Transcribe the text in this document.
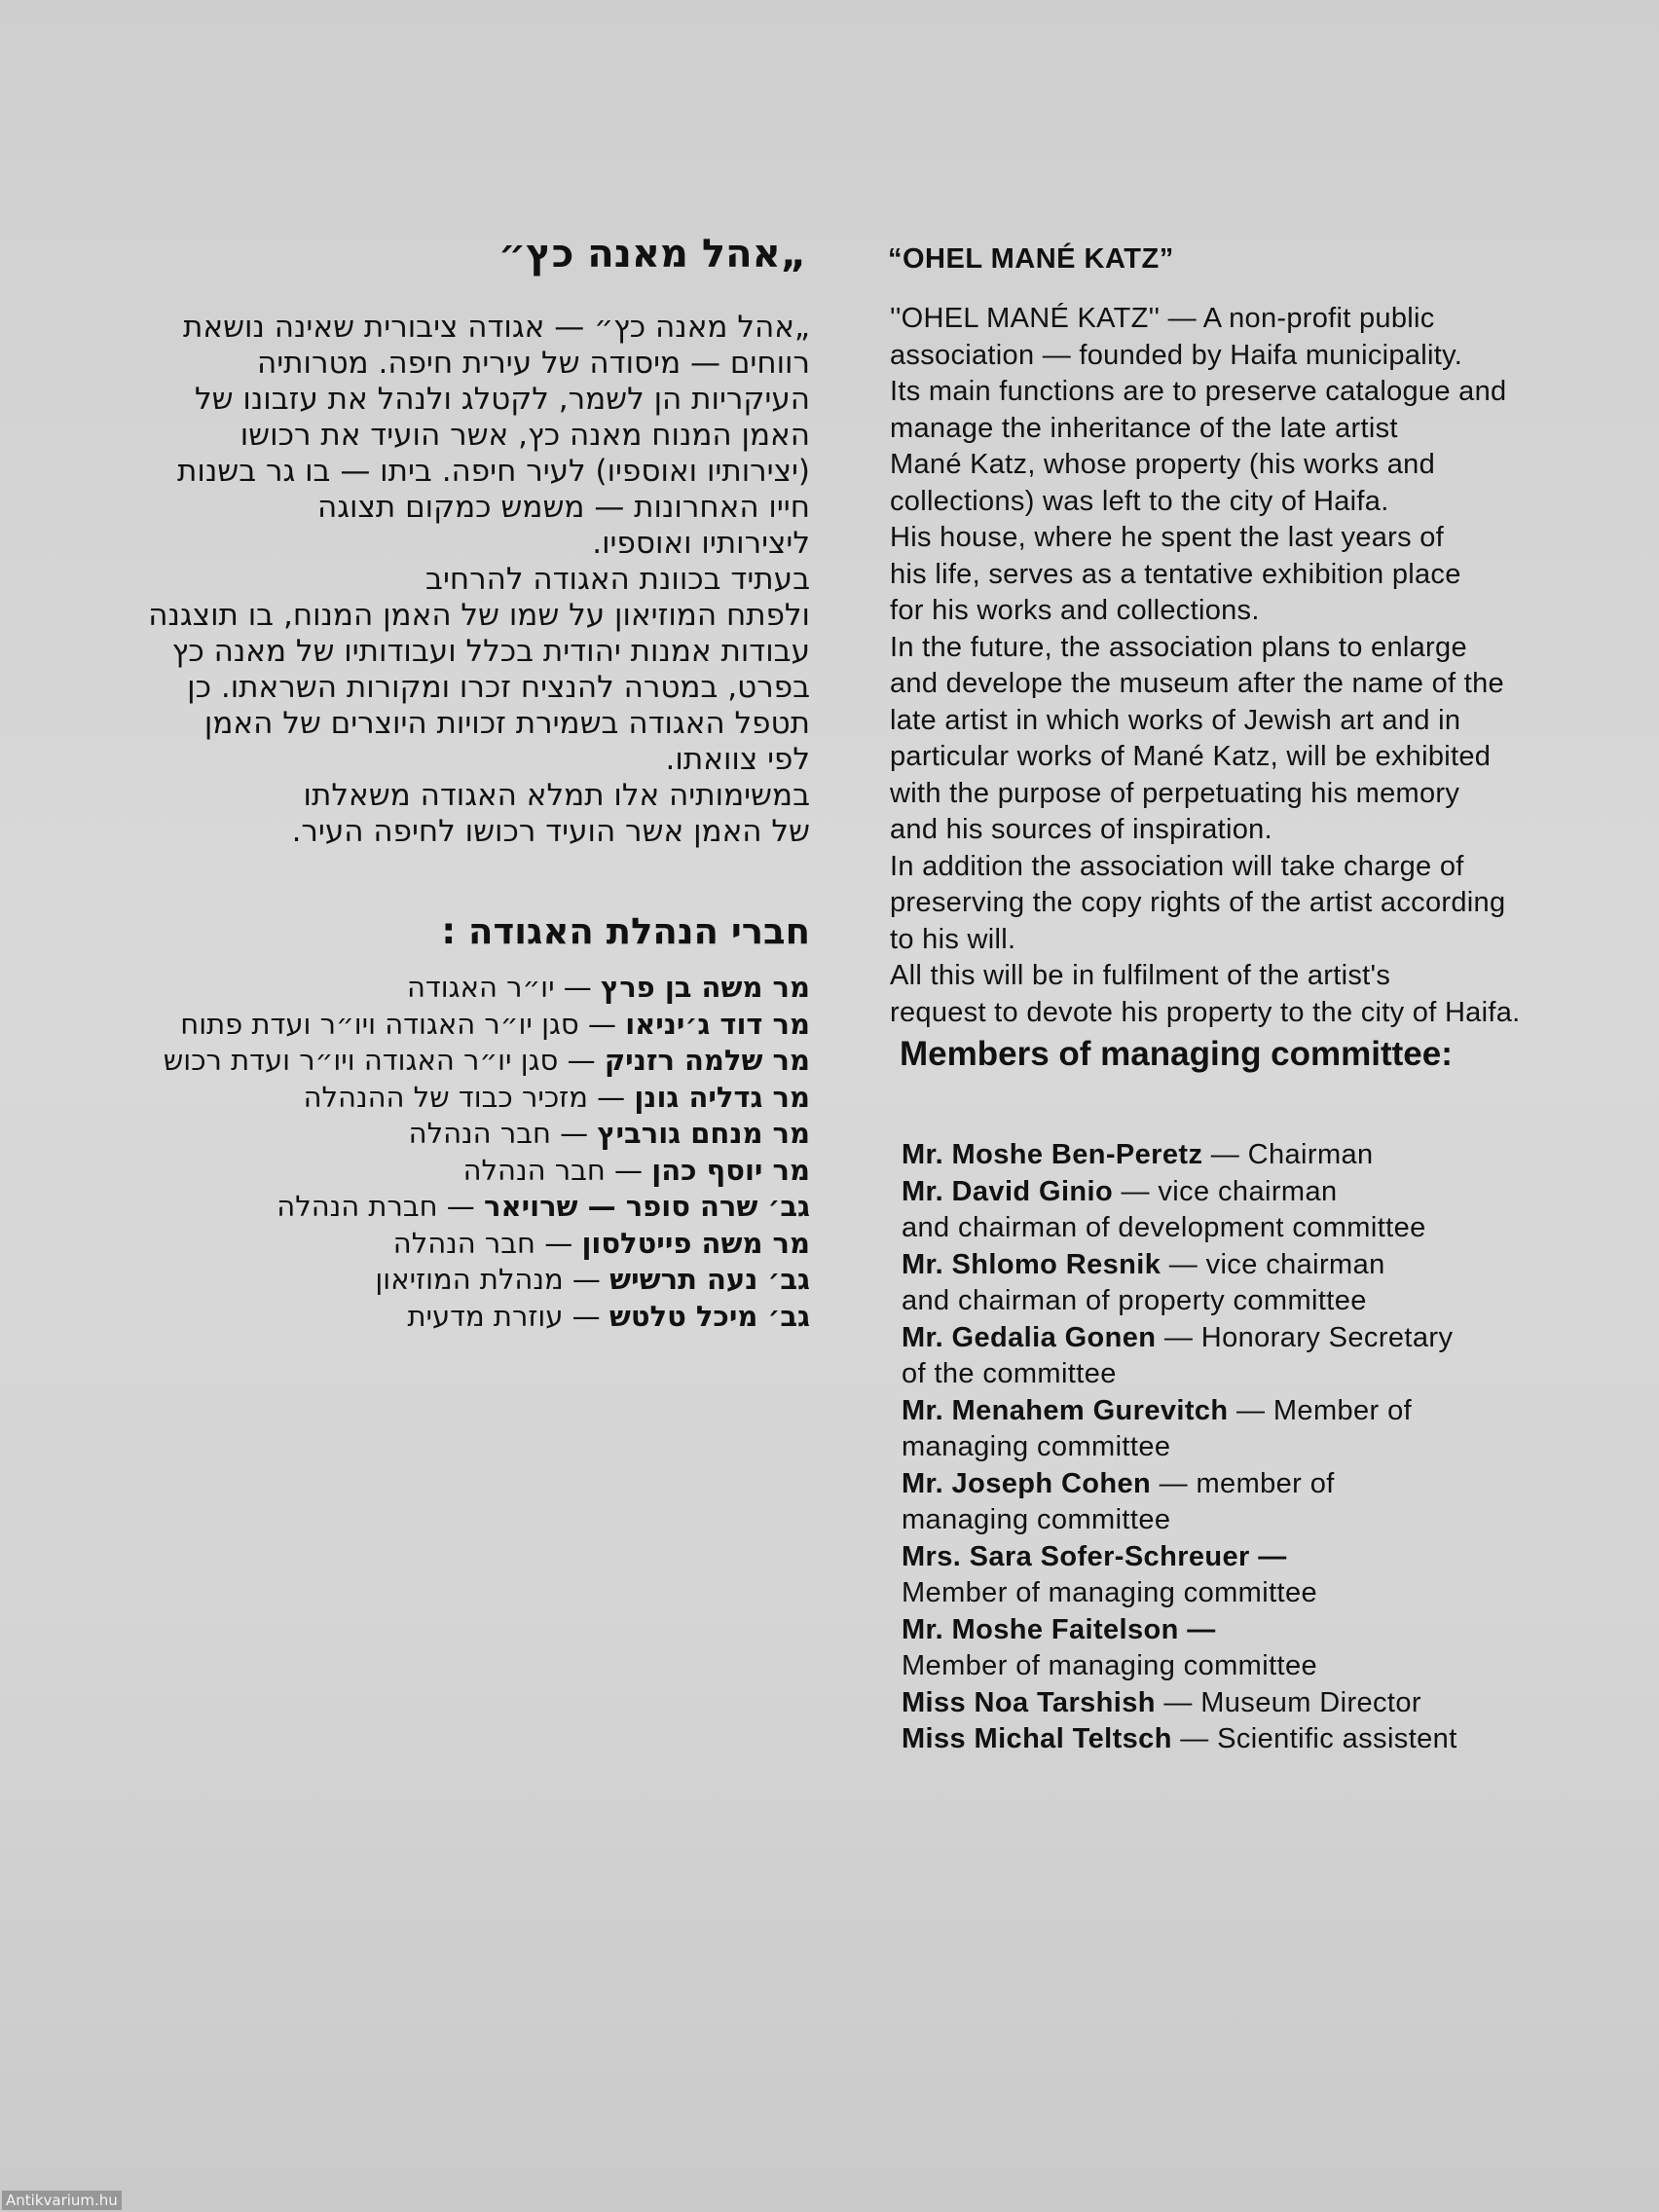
„אהל מאנה כץ״
„אהל מאנה כץ״ — אגודה ציבורית שאינה נושאת
רווחים — מיסודה של עירית חיפה. מטרותיה
העיקריות הן לשמר, לקטלג ולנהל את עזבונו של
האמן המנוח מאנה כץ, אשר הועיד את רכושו
(יצירותיו ואוספיו) לעיר חיפה. ביתו — בו גר בשנות
חייו האחרונות — משמש כמקום תצוגה
ליצירותיו ואוספיו.
בעתיד בכוונת האגודה להרחיב
ולפתח המוזיאון על שמו של האמן המנוח, בו תוצגנה
עבודות אמנות יהודית בכלל ועבודותיו של מאנה כץ
בפרט, במטרה להנציח זכרו ומקורות השראתו. כן
תטפל האגודה בשמירת זכויות היוצרים של האמן
לפי צוואתו.
במשימותיה אלו תמלא האגודה משאלתו
של האמן אשר הועיד רכושו לחיפה העיר.
חברי הנהלת האגודה :
מר משה בן פרץ — יו״ר האגודה
מר דוד ג׳יניאו — סגן יו״ר האגודה ויו״ר ועדת פתוח
מר שלמה רזניק — סגן יו״ר האגודה ויו״ר ועדת רכוש
מר גדליה גונן — מזכיר כבוד של ההנהלה
מר מנחם גורביץ — חבר הנהלה
מר יוסף כהן — חבר הנהלה
גב׳ שרה סופר — שרויאר — חברת הנהלה
מר משה פייטלסון — חבר הנהלה
גב׳ נעה תרשיש — מנהלת המוזיאון
גב׳ מיכל טלטש — עוזרת מדעית
“OHEL MANÉ KATZ”
''OHEL MANÉ KATZ'' — A non-profit public
association — founded by Haifa municipality.
Its main functions are to preserve catalogue and
manage the inheritance of the late artist
Mané Katz, whose property (his works and
collections) was left to the city of Haifa.
His house, where he spent the last years of
his life, serves as a tentative exhibition place
for his works and collections.
In the future, the association plans to enlarge
and develope the museum after the name of the
late artist in which works of Jewish art and in
particular works of Mané Katz, will be exhibited
with the purpose of perpetuating his memory
and his sources of inspiration.
In addition the association will take charge of
preserving the copy rights of the artist according
to his will.
All this will be in fulfilment of the artist's
request to devote his property to the city of Haifa.
Members of managing committee:
Mr. Moshe Ben-Peretz — Chairman
Mr. David Ginio — vice chairman
and chairman of development committee
Mr. Shlomo Resnik — vice chairman
and chairman of property committee
Mr. Gedalia Gonen — Honorary Secretary
of the committee
Mr. Menahem Gurevitch — Member of
managing committee
Mr. Joseph Cohen — member of
managing committee
Mrs. Sara Sofer-Schreuer —
Member of managing committee
Mr. Moshe Faitelson —
Member of managing committee
Miss Noa Tarshish — Museum Director
Miss Michal Teltsch — Scientific assistent
Antikvarium.hu
